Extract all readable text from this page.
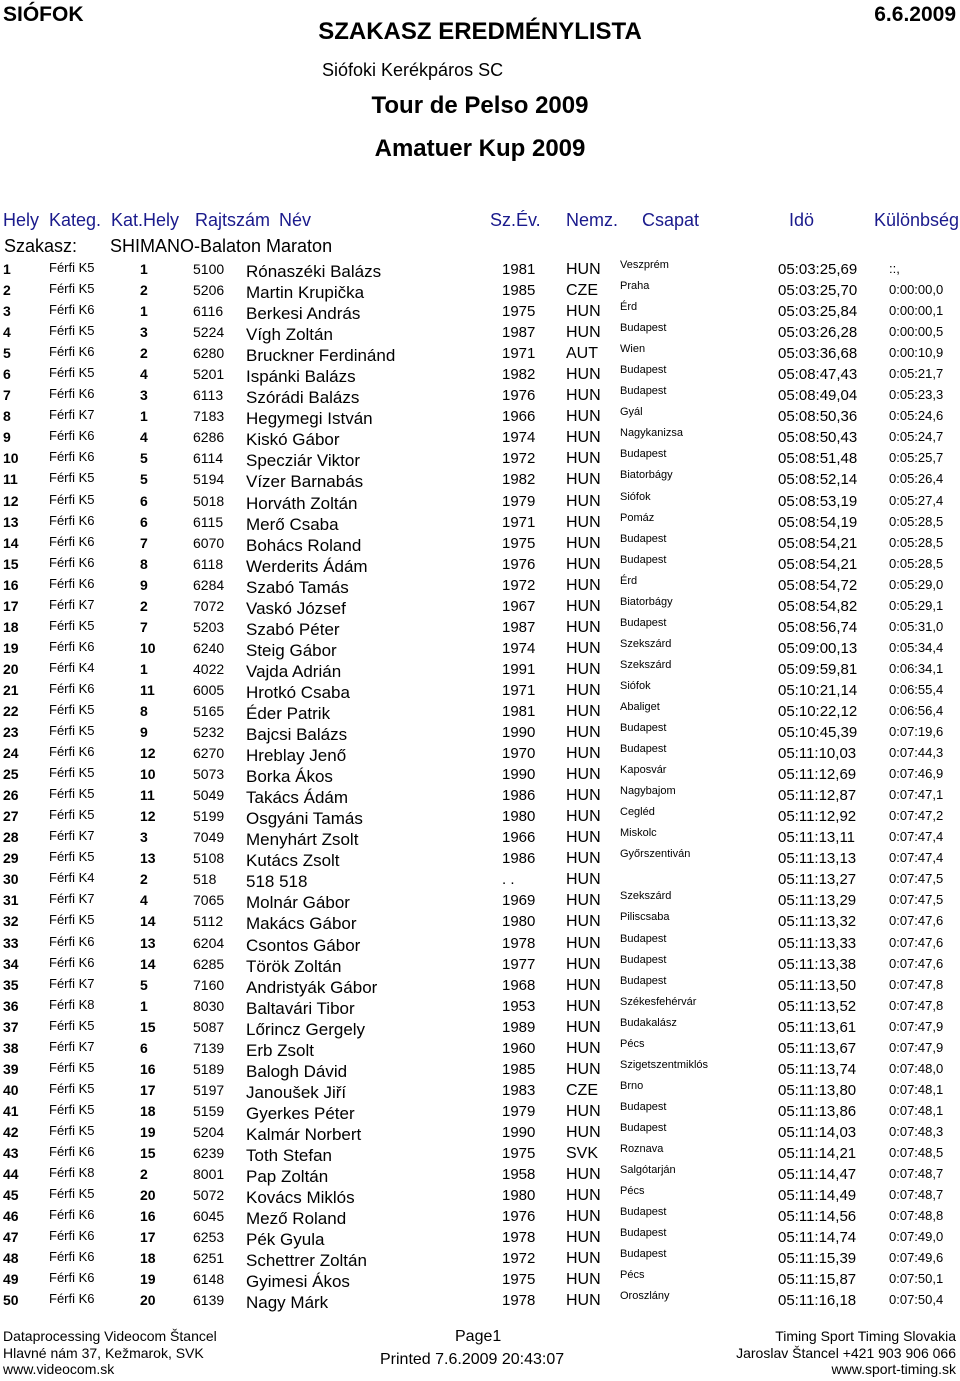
SIÓFOK	6.6.2009
SZAKASZ EREDMÉNYLISTA
Siófoki Kerékpáros SC
Tour de Pelso 2009
Amatuer Kup 2009
Hely Kateg. Kat.Hely Rajtszám Név	Sz.Év. Nemz. Csapat	Idö	Különbség
Szakasz: SHIMANO-Balaton Maraton
1	Férfi K5	1	5100 Rónaszéki Balázs	1981 HUN Veszprém	05:03:25,69 ::,
2	Férfi K5	2	5206 Martin Krupička	1985 CZE Praha	05:03:25,70 0:00:00,0
3	Férfi K6	1	6116 Berkesi András	1975 HUN Érd	05:03:25,84 0:00:00,1
4	Férfi K5	3	5224 Vígh Zoltán	1987 HUN Budapest	05:03:26,28 0:00:00,5
5	Férfi K6	2	6280 Bruckner Ferdinánd	1971 AUT Wien	05:03:36,68 0:00:10,9
6	Férfi K5	4	5201 Ispánki Balázs	1982 HUN Budapest	05:08:47,43 0:05:21,7
7	Férfi K6	3	6113 Szórádi Balázs	1976 HUN Budapest	05:08:49,04 0:05:23,3
8	Férfi K7	1	7183 Hegymegi István	1966 HUN Gyál	05:08:50,36 0:05:24,6
9	Férfi K6	4	6286 Kiskó Gábor	1974 HUN Nagykanizsa	05:08:50,43 0:05:24,7
10 Férfi K6	5	6114 Specziár Viktor	1972 HUN Budapest	05:08:51,48 0:05:25,7
11 Férfi K5	5	5194 Vízer Barnabás	1982 HUN Biatorbágy	05:08:52,14 0:05:26,4
12 Férfi K5	6	5018 Horváth Zoltán	1979 HUN Siófok	05:08:53,19 0:05:27,4
13 Férfi K6	6	6115 Merő Csaba	1971 HUN Pomáz	05:08:54,19 0:05:28,5
14 Férfi K6	7	6070 Bohács Roland	1975 HUN Budapest	05:08:54,21 0:05:28,5
15 Férfi K6	8	6118 Werderits Ádám	1976 HUN Budapest	05:08:54,21 0:05:28,5
16 Férfi K6	9	6284 Szabó Tamás	1972 HUN Érd	05:08:54,72 0:05:29,0
17 Férfi K7	2	7072 Vaskó József	1967 HUN Biatorbágy	05:08:54,82 0:05:29,1
18 Férfi K5	7	5203 Szabó Péter	1987 HUN Budapest	05:08:56,74 0:05:31,0
19 Férfi K6	10	6240 Steig Gábor	1974 HUN Szekszárd	05:09:00,13 0:05:34,4
20 Férfi K4	1	4022 Vajda Adrián	1991 HUN Szekszárd	05:09:59,81 0:06:34,1
21 Férfi K6	11	6005 Hrotkó Csaba	1971 HUN Siófok	05:10:21,14 0:06:55,4
22 Férfi K5	8	5165 Éder Patrik	1981 HUN Abaliget	05:10:22,12 0:06:56,4
23 Férfi K5	9	5232 Bajcsi Balázs	1990 HUN Budapest	05:10:45,39 0:07:19,6
24 Férfi K6	12	6270 Hreblay Jenő	1970 HUN Budapest	05:11:10,03	0:07:44,3
25 Férfi K5	10	5073 Borka Ákos	1990 HUN Kaposvár	05:11:12,69	0:07:46,9
26 Férfi K5	11	5049 Takács Ádám	1986 HUN Nagybajom	05:11:12,87	0:07:47,1
27 Férfi K5	12	5199 Osgyáni Tamás	1980 HUN Cegléd	05:11:12,92	0:07:47,2
28 Férfi K7	3	7049 Menyhárt Zsolt	1966 HUN Miskolc	05:11:13,11	0:07:47,4
29 Férfi K5	13	5108 Kutács Zsolt	1986 HUN Győrszentiván	05:11:13,13	0:07:47,4
30 Férfi K4	2	518 518 518	. .	HUN	05:11:13,27	0:07:47,5
31 Férfi K7	4	7065 Molnár Gábor	1969 HUN Szekszárd	05:11:13,29	0:07:47,5
32 Férfi K5	14	5112 Makács Gábor	1980 HUN Piliscsaba	05:11:13,32	0:07:47,6
33 Férfi K6	13	6204 Csontos Gábor	1978 HUN Budapest	05:11:13,33	0:07:47,6
34 Férfi K6	14	6285 Török Zoltán	1977 HUN Budapest	05:11:13,38	0:07:47,6
35 Férfi K7	5	7160 Andristyák Gábor	1968 HUN Budapest	05:11:13,50	0:07:47,8
36 Férfi K8	1	8030 Baltavári Tibor	1953 HUN Székesfehérvár	05:11:13,52	0:07:47,8
37 Férfi K5	15	5087 Lőrincz Gergely	1989 HUN Budakalász	05:11:13,61	0:07:47,9
38 Férfi K7	6	7139 Erb Zsolt	1960 HUN Pécs	05:11:13,67	0:07:47,9
39 Férfi K5	16	5189 Balogh Dávid	1985 HUN Szigetszentmiklós	05:11:13,74	0:07:48,0
40 Férfi K5	17	5197 Janoušek Jiří	1983 CZE Brno	05:11:13,80	0:07:48,1
41 Férfi K5	18	5159 Gyerkes Péter	1979 HUN Budapest	05:11:13,86	0:07:48,1
42 Férfi K5	19	5204 Kalmár Norbert	1990 HUN Budapest	05:11:14,03	0:07:48,3
43 Férfi K6	15	6239 Toth Stefan	1975 SVK Roznava	05:11:14,21	0:07:48,5
44 Férfi K8	2	8001 Pap Zoltán	1958 HUN Salgótarján	05:11:14,47	0:07:48,7
45 Férfi K5	20	5072 Kovács Miklós	1980 HUN Pécs	05:11:14,49	0:07:48,7
46 Férfi K6	16	6045 Mező Roland	1976 HUN Budapest	05:11:14,56	0:07:48,8
47 Férfi K6	17	6253 Pék Gyula	1978 HUN Budapest	05:11:14,74	0:07:49,0
48 Férfi K6	18	6251 Schettrer Zoltán	1972 HUN Budapest	05:11:15,39	0:07:49,6
49 Férfi K6	19	6148 Gyimesi Ákos	1975 HUN Pécs	05:11:15,87	0:07:50,1
50 Férfi K6	20	6139 Nagy Márk	1978 HUN Oroszlány	05:11:16,18	0:07:50,4
Dataprocessing Videocom Štancel
Hlavné nám 37, Kežmarok, SVK
www.videocom.sk
Page1
Printed 7.6.2009 20:43:07
Timing Sport Timing Slovakia
Jaroslav Štancel +421 903 906 066
www.sport-timing.sk
